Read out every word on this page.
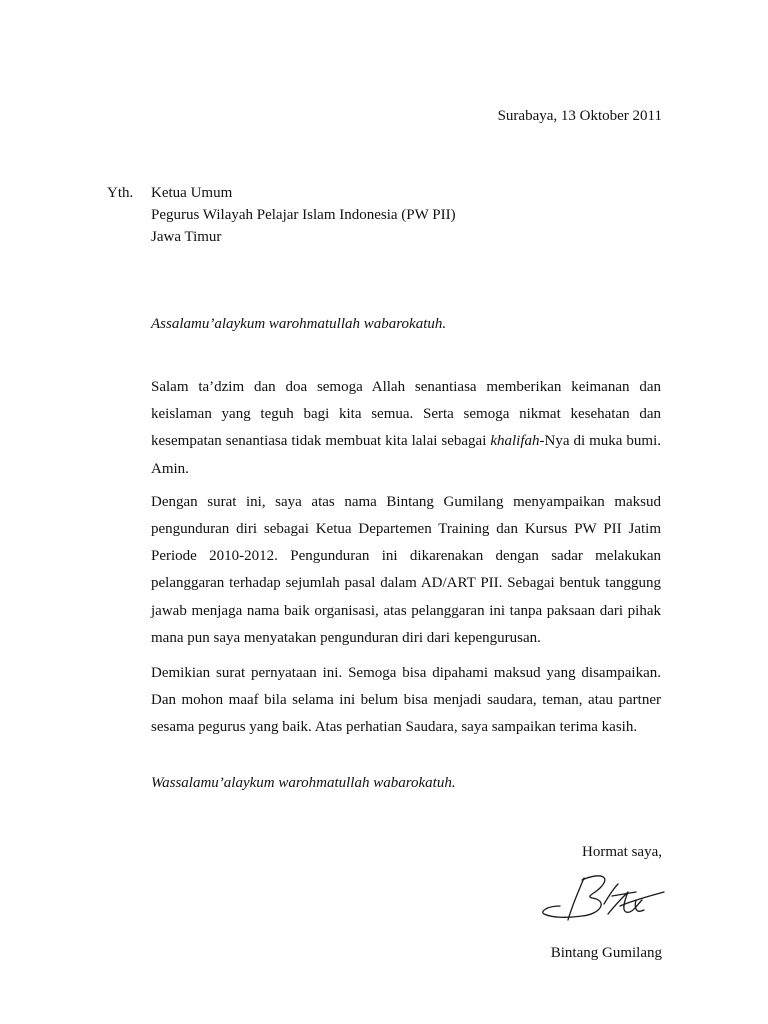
Surabaya, 13 Oktober 2011
Yth. Ketua Umum
Pegurus Wilayah Pelajar Islam Indonesia (PW PII)
Jawa Timur
Assalamu’alaykum warohmatullah wabarokatuh.

Salam ta’dzim dan doa semoga Allah senantiasa memberikan keimanan dan keislaman yang teguh bagi kita semua. Serta semoga nikmat kesehatan dan kesempatan senantiasa tidak membuat kita lalai sebagai khalifah-Nya di muka bumi. Amin.

Dengan surat ini, saya atas nama Bintang Gumilang menyampaikan maksud pengunduran diri sebagai Ketua Departemen Training dan Kursus PW PII Jatim Periode 2010-2012. Pengunduran ini dikarenakan dengan sadar melakukan pelanggaran terhadap sejumlah pasal dalam AD/ART PII. Sebagai bentuk tanggung jawab menjaga nama baik organisasi, atas pelanggaran ini tanpa paksaan dari pihak mana pun saya menyatakan pengunduran diri dari kepengurusan.

Demikian surat pernyataan ini. Semoga bisa dipahami maksud yang disampaikan. Dan mohon maaf bila selama ini belum bisa menjadi saudara, teman, atau partner sesama pegurus yang baik. Atas perhatian Saudara, saya sampaikan terima kasih.

Wassalamu’alaykum warohmatullah wabarokatuh.
Hormat saya,
Bintang Gumilang
